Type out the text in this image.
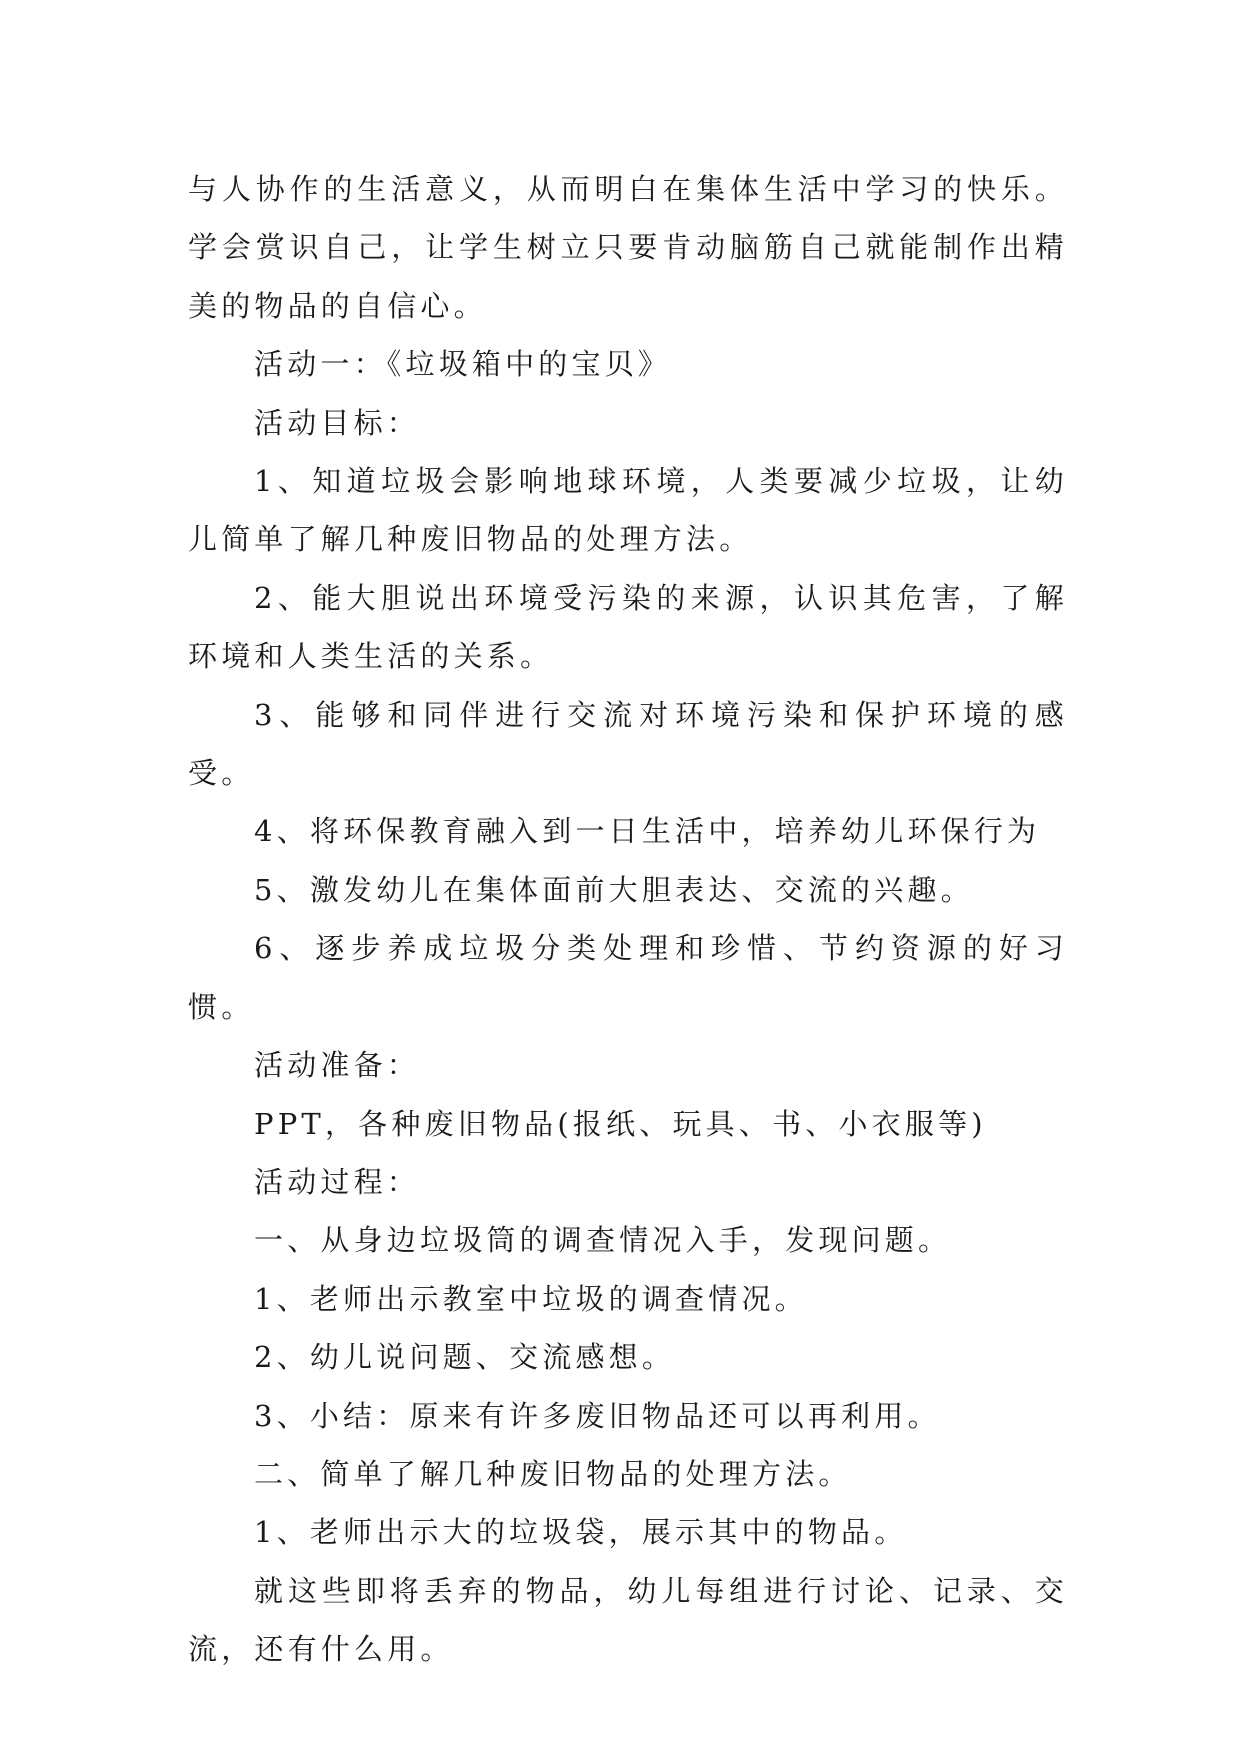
与人协作的生活意义，从而明白在集体生活中学习的快乐。学会赏识自己，让学生树立只要肯动脑筋自己就能制作出精美的物品的自信心。

活动一：《垃圾箱中的宝贝》

活动目标：

1、知道垃圾会影响地球环境，人类要减少垃圾，让幼儿简单了解几种废旧物品的处理方法。

2、能大胆说出环境受污染的来源，认识其危害，了解环境和人类生活的关系。

3、能够和同伴进行交流对环境污染和保护环境的感受。

4、将环保教育融入到一日生活中，培养幼儿环保行为

5、激发幼儿在集体面前大胆表达、交流的兴趣。

6、逐步养成垃圾分类处理和珍惜、节约资源的好习惯。

活动准备：

PPT，各种废旧物品(报纸、玩具、书、小衣服等)

活动过程：

一、从身边垃圾筒的调查情况入手，发现问题。

1、老师出示教室中垃圾的调查情况。

2、幼儿说问题、交流感想。

3、小结：原来有许多废旧物品还可以再利用。

二、简单了解几种废旧物品的处理方法。

1、老师出示大的垃圾袋，展示其中的物品。

就这些即将丢弃的物品，幼儿每组进行讨论、记录、交流，还有什么用。
